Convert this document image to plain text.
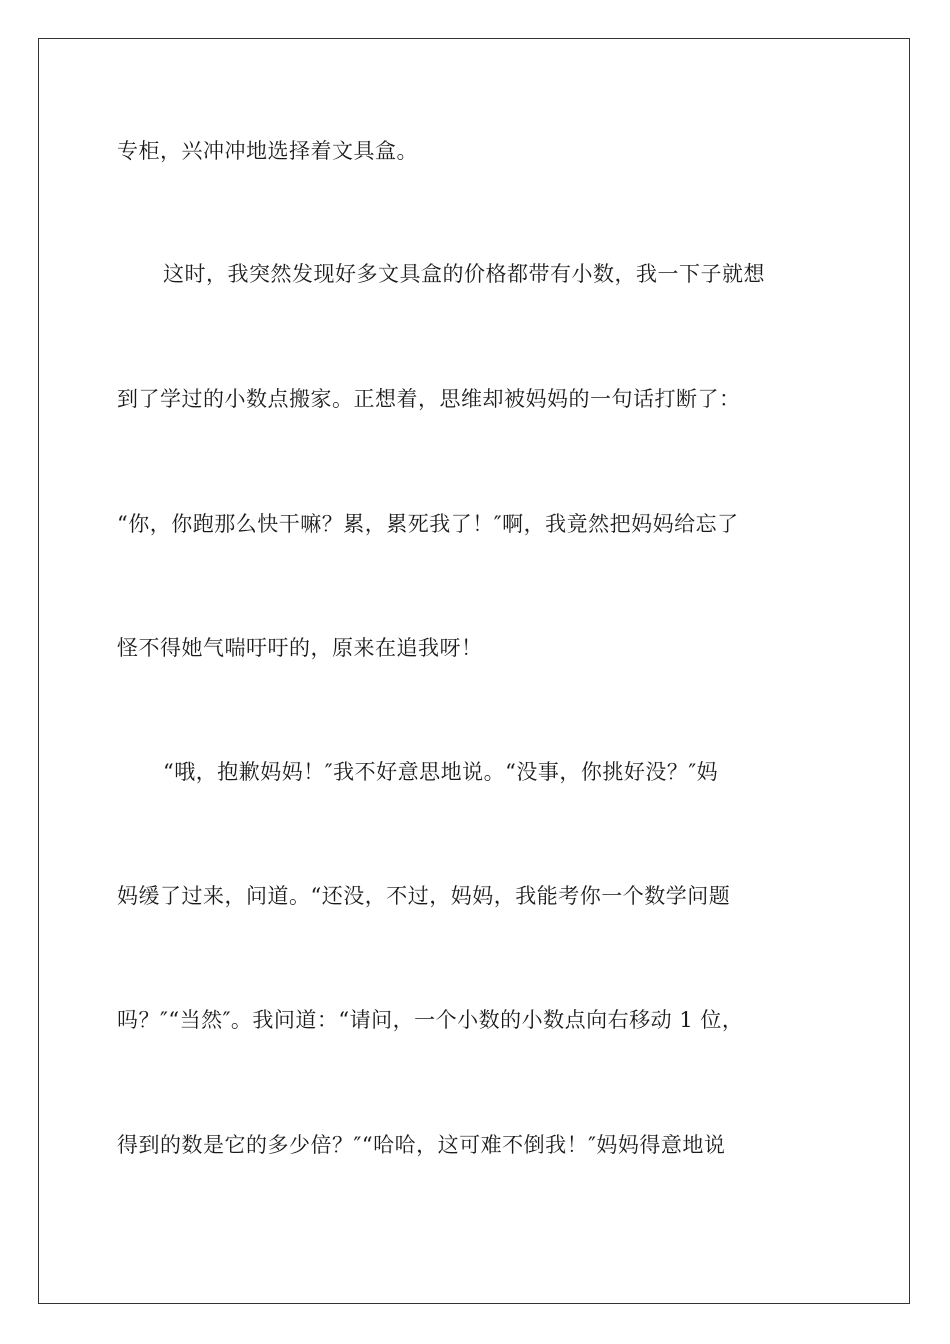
专柜，兴冲冲地选择着文具盒。
这时，我突然发现好多文具盒的价格都带有小数，我一下子就想
到了学过的小数点搬家。正想着，思维却被妈妈的一句话打断了：
“你，你跑那么快干嘛？累，累死我了！″啊，我竟然把妈妈给忘了
怪不得她气喘吁吁的，原来在追我呀！
“哦，抱歉妈妈！″我不好意思地说。“没事，你挑好没？″妈
妈缓了过来，问道。“还没，不过，妈妈，我能考你一个数学问题
吗？″“当然″。我问道：“请问，一个小数的小数点向右移动 1 位，
得到的数是它的多少倍？″“哈哈，这可难不倒我！″妈妈得意地说
